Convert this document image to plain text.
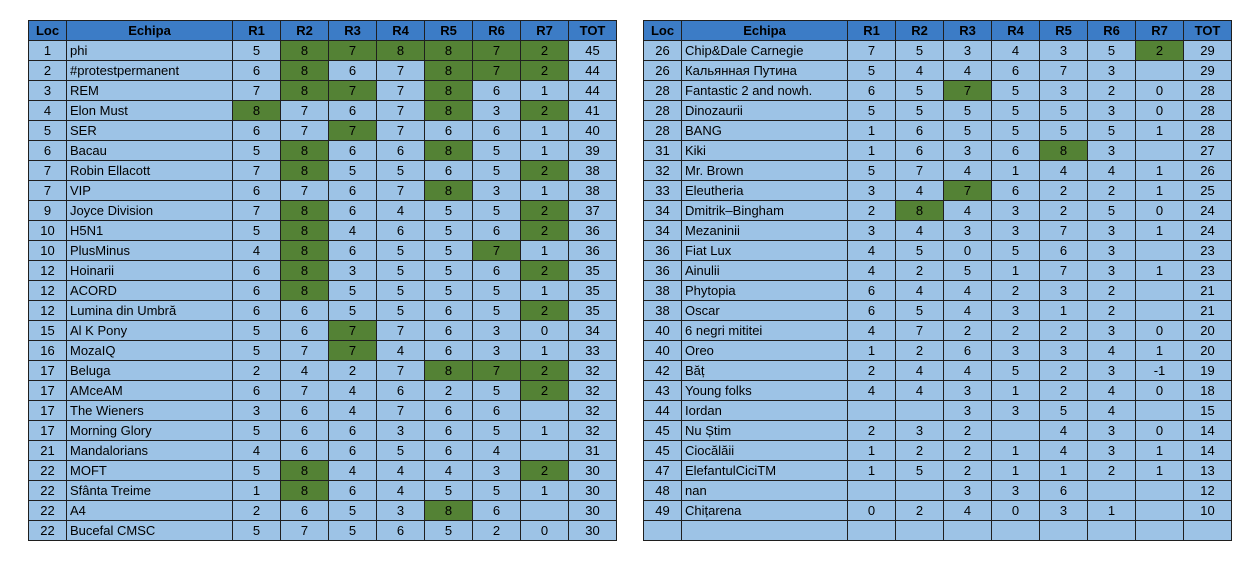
Loc	Echipa	R1	R2	R3	R4	R5	R6	R7	TOT
1	phi	5	8	7	8	8	7	2	45
2	#protestpermanent	6	8	6	7	8	7	2	44
3	REM	7	8	7	7	8	6	1	44
4	Elon Must	8	7	6	7	8	3	2	41
5	SER	6	7	7	7	6	6	1	40
6	Bacau	5	8	6	6	8	5	1	39
7	Robin Ellacott	7	8	5	5	6	5	2	38
7	VIP	6	7	6	7	8	3	1	38
9	Joyce Division	7	8	6	4	5	5	2	37
10	H5N1	5	8	4	6	5	6	2	36
10	PlusMinus	4	8	6	5	5	7	1	36
12	Hoinarii	6	8	3	5	5	6	2	35
12	ACORD	6	8	5	5	5	5	1	35
12	Lumina din Umbră	6	6	5	5	6	5	2	35
15	Al K Pony	5	6	7	7	6	3	0	34
16	MozaIQ	5	7	7	4	6	3	1	33
17	Beluga	2	4	2	7	8	7	2	32
17	AMceAM	6	7	4	6	2	5	2	32
17	The Wieners	3	6	4	7	6	6		32
17	Morning Glory	5	6	6	3	6	5	1	32
21	Mandalorians	4	6	6	5	6	4		31
22	MOFT	5	8	4	4	4	3	2	30
22	Sfânta Treime	1	8	6	4	5	5	1	30
22	A4	2	6	5	3	8	6		30
22	Bucefal CMSC	5	7	5	6	5	2	0	30
Loc	Echipa	R1	R2	R3	R4	R5	R6	R7	TOT
26	Chip&Dale Carnegie	7	5	3	4	3	5	2	29
26	Кальянная Путина	5	4	4	6	7	3		29
28	Fantastic 2 and nowh.	6	5	7	5	3	2	0	28
28	Dinozaurii	5	5	5	5	5	3	0	28
28	BANG	1	6	5	5	5	5	1	28
31	Kiki	1	6	3	6	8	3		27
32	Mr. Brown	5	7	4	1	4	4	1	26
33	Eleutheria	3	4	7	6	2	2	1	25
34	Dmitrik–Bingham	2	8	4	3	2	5	0	24
34	Mezaninii	3	4	3	3	7	3	1	24
36	Fiat Lux	4	5	0	5	6	3		23
36	Ainulii	4	2	5	1	7	3	1	23
38	Phytopia	6	4	4	2	3	2		21
38	Oscar	6	5	4	3	1	2		21
40	6 negri mititei	4	7	2	2	2	3	0	20
40	Oreo	1	2	6	3	3	4	1	20
42	Băț	2	4	4	5	2	3	-1	19
43	Young folks	4	4	3	1	2	4	0	18
44	Iordan			3	3	5	4		15
45	Nu Știm	2	3	2		4	3	0	14
45	Ciocălăii	1	2	2	1	4	3	1	14
47	ElefantulCiciTM	1	5	2	1	1	2	1	13
48	nan			3	3	6			12
49	Chițarena	0	2	4	0	3	1		10
